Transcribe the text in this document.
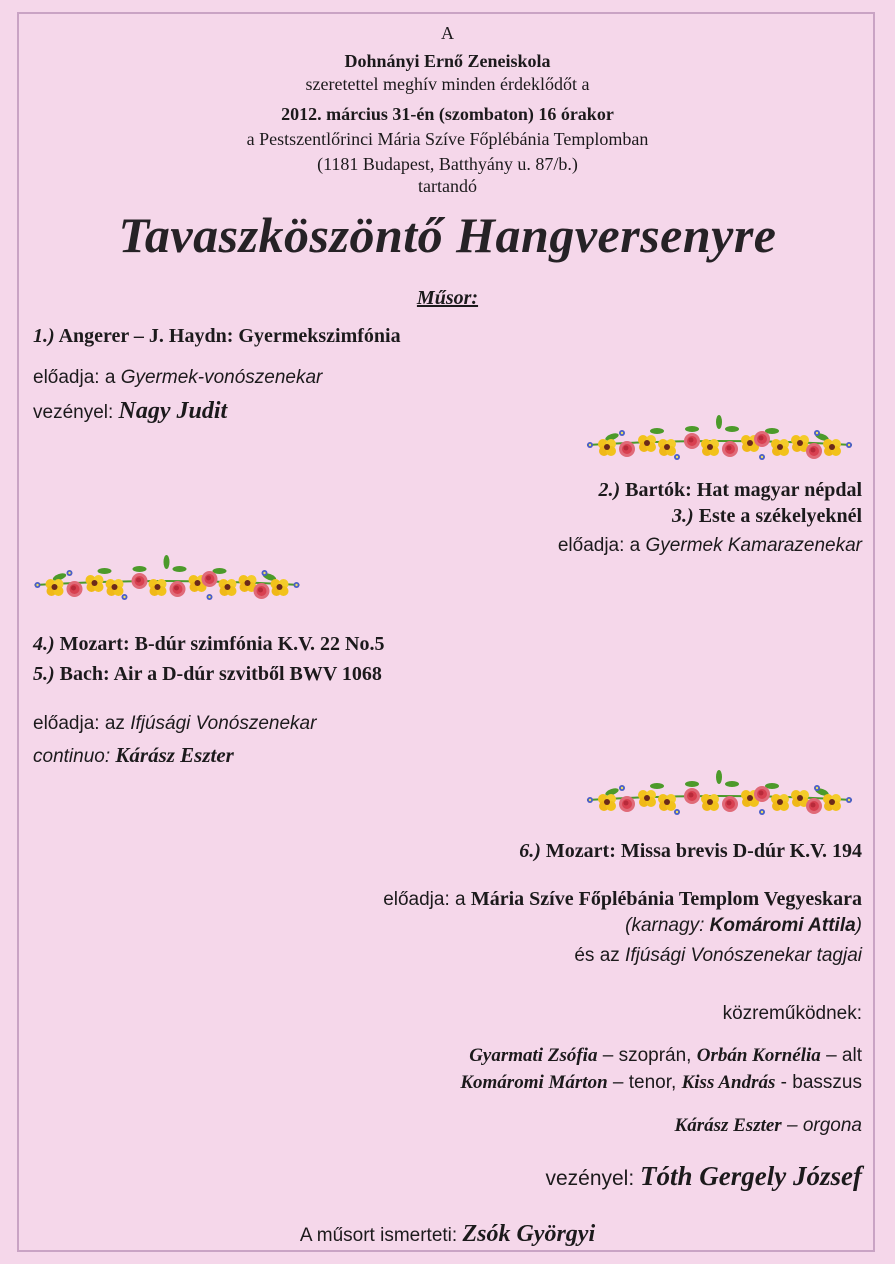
A
Dohnányi Ernő Zeneiskola
szeretettel meghív minden érdeklődőt a
2012. március 31-én (szombaton) 16 órakor
a Pestszentlőrinci Mária Szíve Főplébánia Templomban
(1181 Budapest, Batthyány u. 87/b.)
tartandó
Tavaszköszöntő Hangversenyre
Műsor:
1.) Angerer – J. Haydn: Gyermekszimfónia
előadja: a Gyermek-vonószenekar
vezényel: Nagy Judit
2.) Bartók: Hat magyar népdal
3.) Este a székelyeknél
előadja: a Gyermek Kamarazenekar
4.) Mozart: B-dúr szimfónia K.V. 22 No.5
5.) Bach: Air a D-dúr szvitből BWV 1068
előadja: az Ifjúsági Vonószenekar
continuo: Kárász Eszter
6.) Mozart: Missa brevis D-dúr K.V. 194
előadja: a Mária Szíve Főplébánia Templom Vegyeskara
(karnagy: Komáromi Attila)
és az Ifjúsági Vonószenekar tagjai
közreműködnek:
Gyarmati Zsófia – szoprán, Orbán Kornélia – alt
Komáromi Márton – tenor, Kiss András - basszus
Kárász Eszter – orgona
vezényel: Tóth Gergely József
A műsort ismerteti: Zsók Györgyi
